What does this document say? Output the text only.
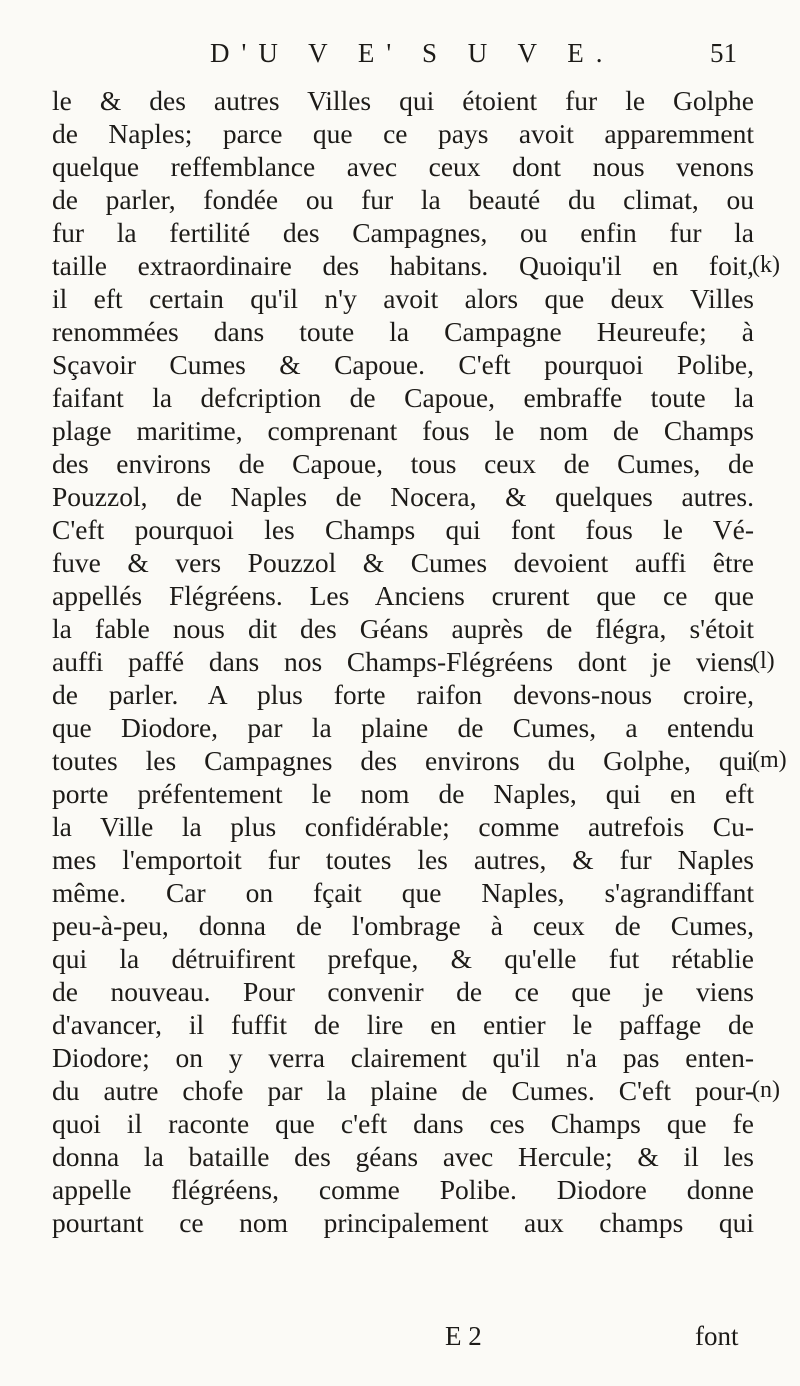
D'U V E' S U V E.	51
le & des autres Villes qui étoient fur le Golphe
de Naples; parce que ce pays avoit apparemment
quelque reffemblance avec ceux dont nous venons
de parler, fondée ou fur la beauté du climat, ou
fur la fertilité des Campagnes, ou enfin fur la
taille extraordinaire des habitans. Quoiqu'il en foit,
il eft certain qu'il n'y avoit alors que deux Villes
renommées dans toute la Campagne Heureufe; à
Sçavoir Cumes & Capoue. C'eft pourquoi Polibe,
faifant la defcription de Capoue, embraffe toute la
plage maritime, comprenant fous le nom de Champs
des environs de Capoue, tous ceux de Cumes, de
Pouzzol, de Naples de Nocera, & quelques autres.
C'eft pourquoi les Champs qui font fous le Vé-
fuve & vers Pouzzol & Cumes devoient auffi être
appellés Flégréens. Les Anciens crurent que ce que
la fable nous dit des Géans auprès de flégra, s'étoit
auffi paffé dans nos Champs-Flégréens dont je viens
de parler. A plus forte raifon devons-nous croire,
que Diodore, par la plaine de Cumes, a entendu
toutes les Campagnes des environs du Golphe, qui
porte préfentement le nom de Naples, qui en eft
la Ville la plus confidérable; comme autrefois Cu-
mes l'emportoit fur toutes les autres, & fur Naples
même. Car on fçait que Naples, s'agrandiffant
peu-à-peu, donna de l'ombrage à ceux de Cumes,
qui la détruifirent prefque, & qu'elle fut rétablie
de nouveau. Pour convenir de ce que je viens
d'avancer, il fuffit de lire en entier le paffage de
Diodore; on y verra clairement qu'il n'a pas enten-
du autre chofe par la plaine de Cumes. C'eft pour-
quoi il raconte que c'eft dans ces Champs que fe
donna la bataille des géans avec Hercule; & il les
appelle flégréens, comme Polibe. Diodore donne
pourtant ce nom principalement aux champs qui
(k)
(l)
(m)
(n)
E 2	font
